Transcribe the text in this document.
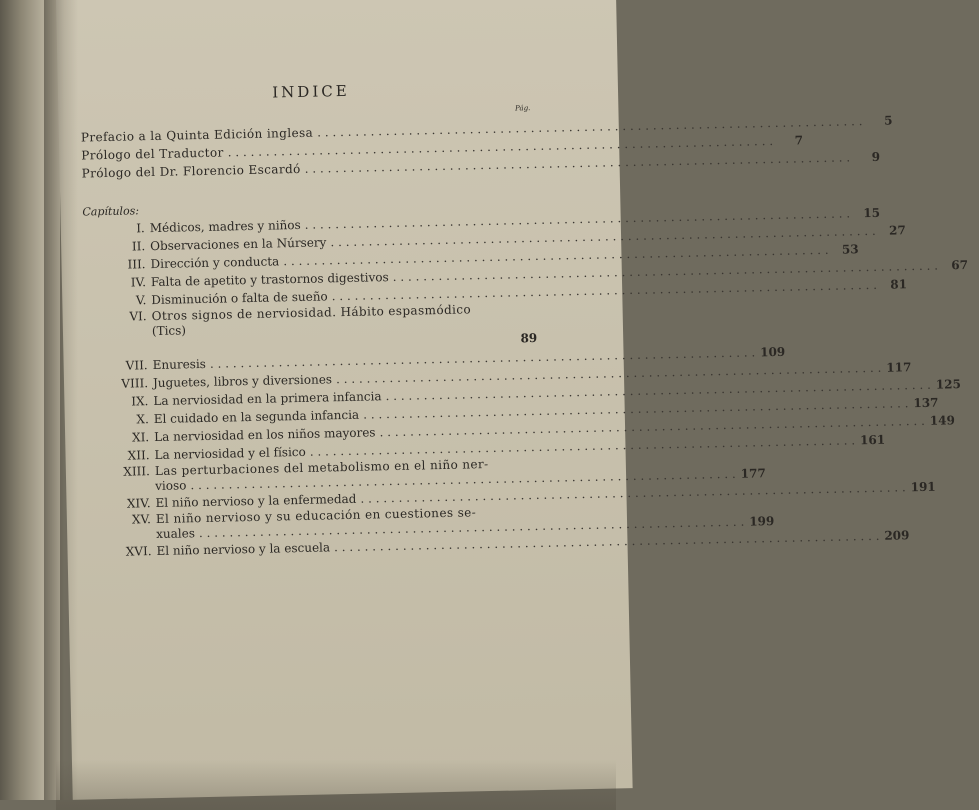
INDICE
Pág.
Prefacio a la Quinta Edición inglesa
. . .
5
Prólogo del Traductor
. . .
7
Prólogo del Dr. Florencio Escardó
. . .
9
Capítulos:
I. Médicos, madres y niños
. . .
15
II. Observaciones en la Núrsery
. . .
27
III. Dirección y conducta
. . .
53
IV. Falta de apetito y trastornos digestivos
. . .
67
V. Disminución o falta de sueño
. . .
81
VI. Otros signos de nerviosidad. Hábito espasmódico
(Tics)
89
VII. Enuresis
. . .
109
VIII. Juguetes, libros y diversiones
. . .
117
IX. La nerviosidad en la primera infancia
. . .
125
X. El cuidado en la segunda infancia
. . .
137
XI. La nerviosidad en los niños mayores
. . .
149
XII. La nerviosidad y el físico
. . .
161
XIII. Las perturbaciones del metabolismo en el niño ner-
vioso
. . .
177
XIV. El niño nervioso y la enfermedad
. . .
191
XV. El niño nervioso y su educación en cuestiones se-
xuales
. . .
199
XVI. El niño nervioso y la escuela
. . .
209
